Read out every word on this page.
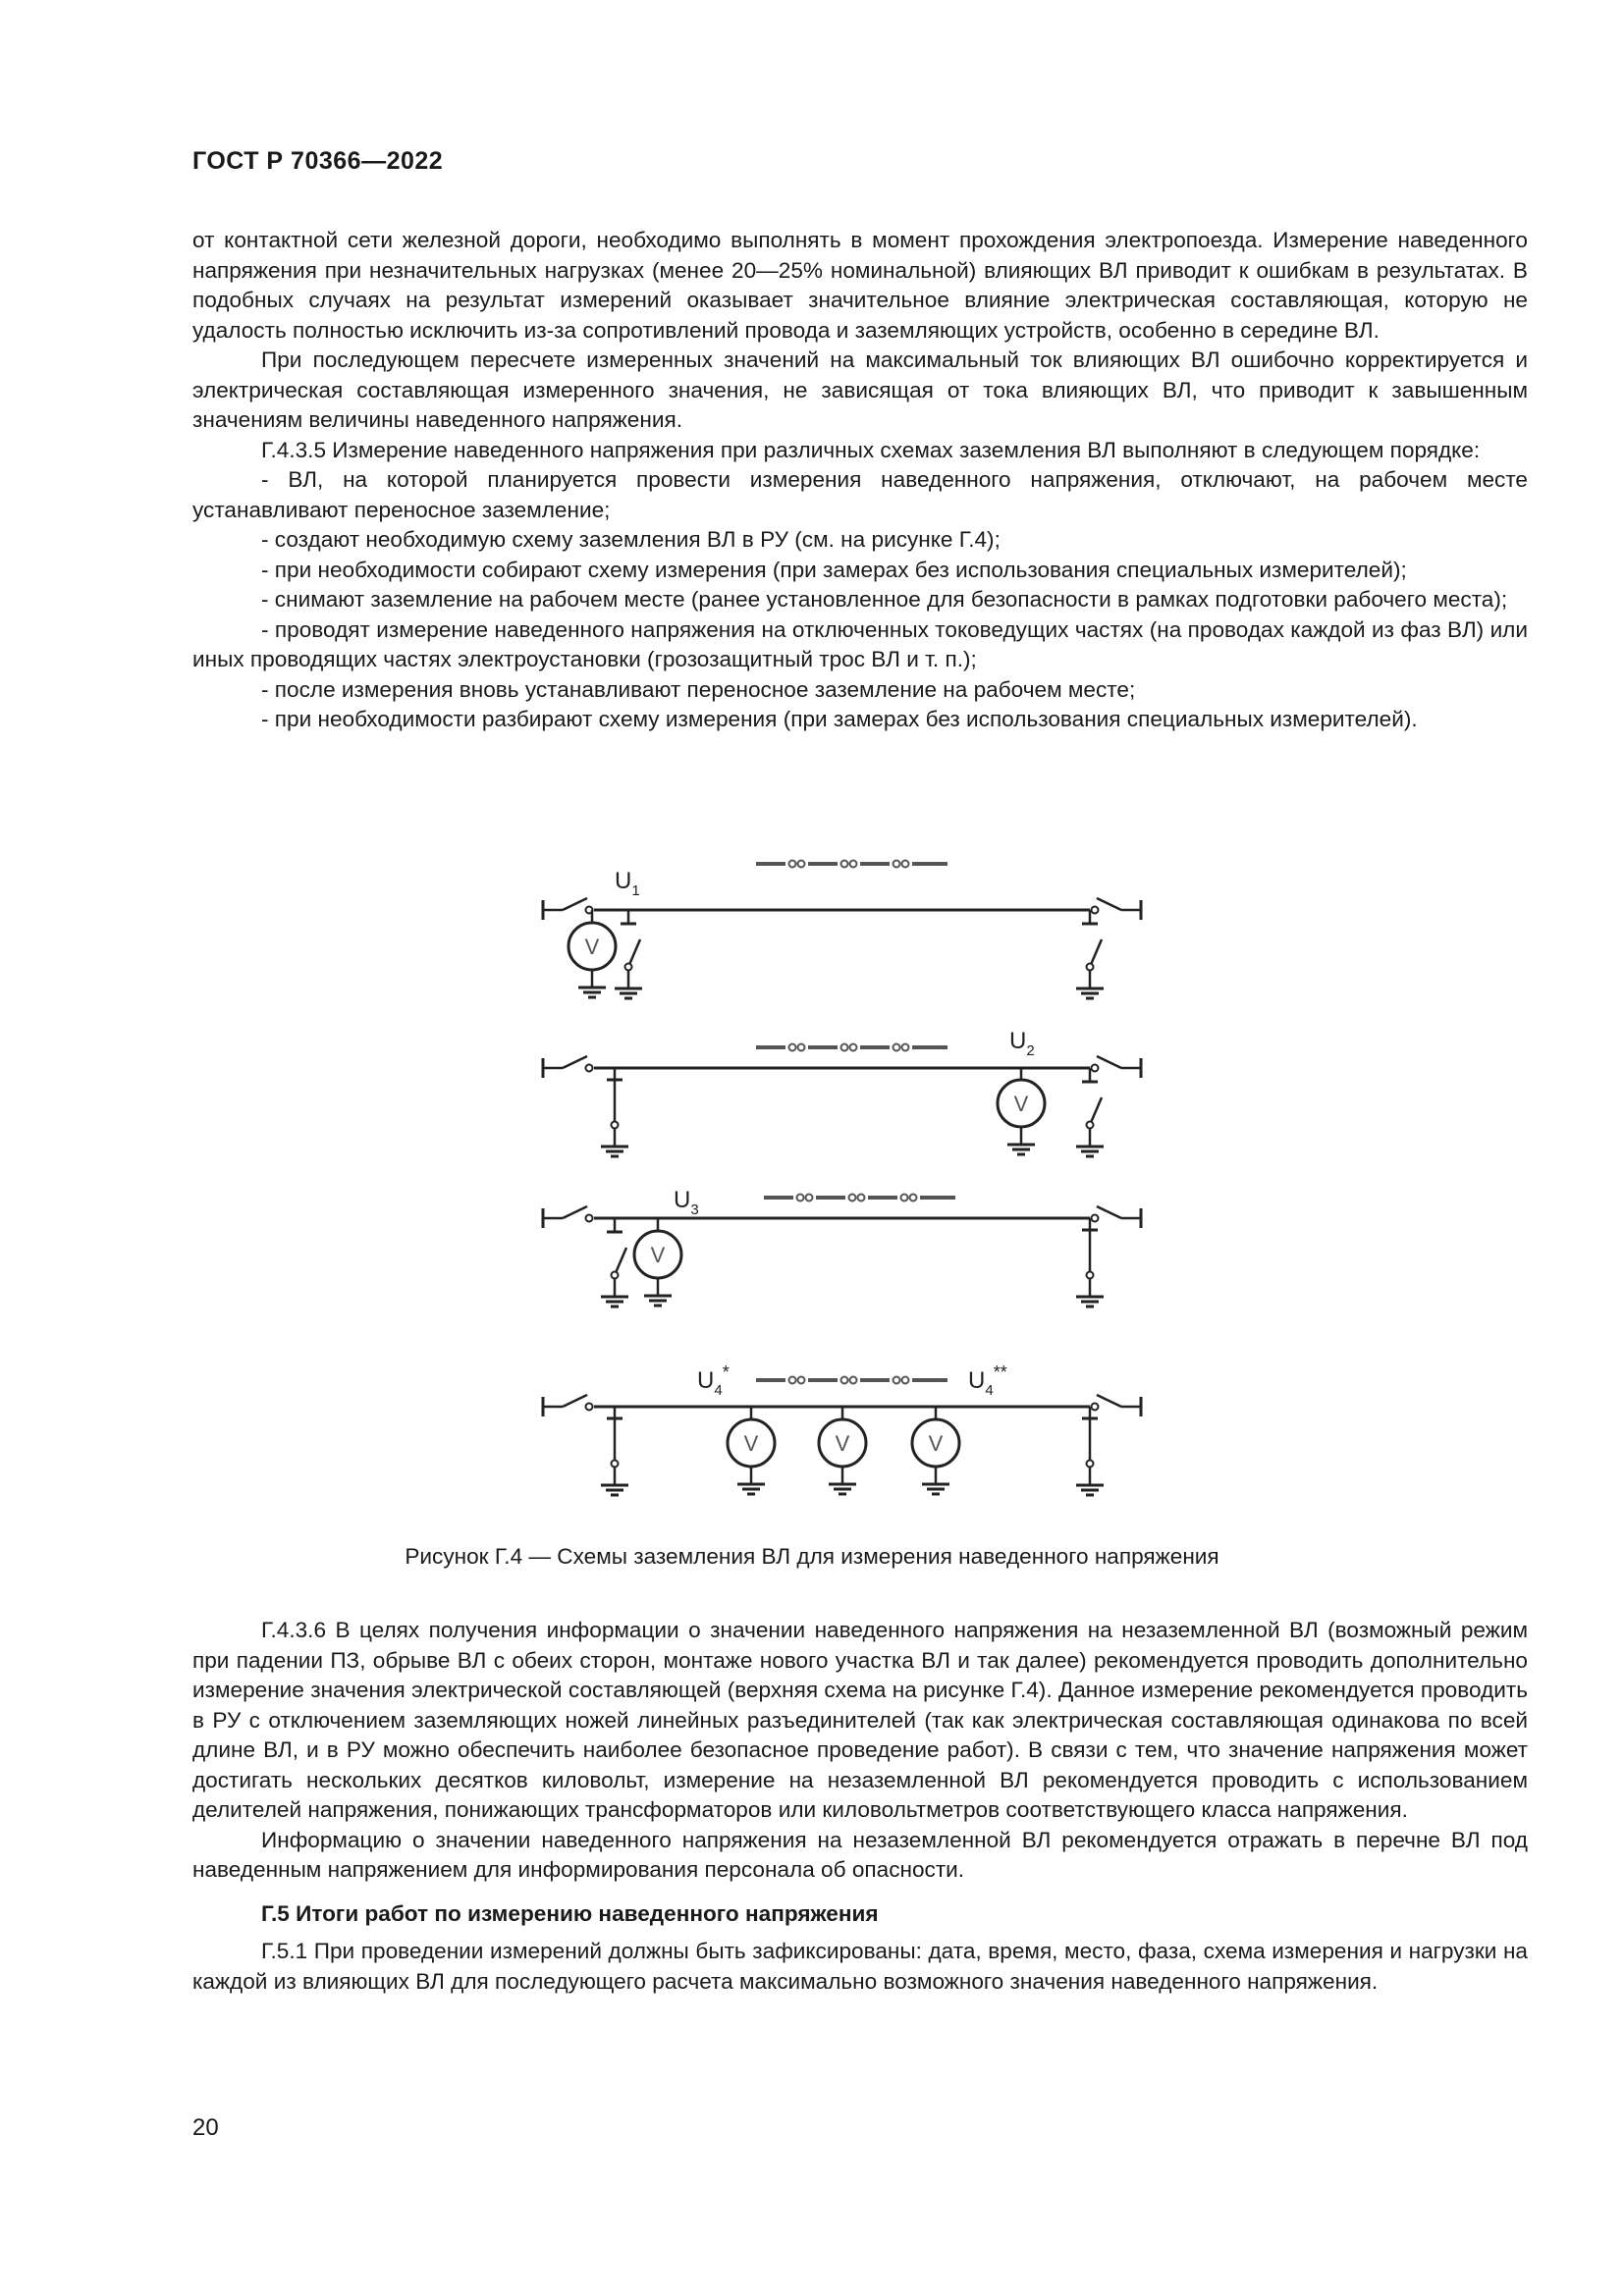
ГОСТ Р 70366—2022

от контактной сети железной дороги, необходимо выполнять в момент прохождения электропоезда. Измерение наведенного напряжения при незначительных нагрузках (менее 20—25% номинальной) влияющих ВЛ приводит к ошибкам в результатах. В подобных случаях на результат измерений оказывает значительное влияние электрическая составляющая, которую не удалость полностью исключить из-за сопротивлений провода и заземляющих устройств, особенно в середине ВЛ.

При последующем пересчете измеренных значений на максимальный ток влияющих ВЛ ошибочно корректируется и электрическая составляющая измеренного значения, не зависящая от тока влияющих ВЛ, что приводит к завышенным значениям величины наведенного напряжения.

Г.4.3.5 Измерение наведенного напряжения при различных схемах заземления ВЛ выполняют в следующем порядке:

- ВЛ, на которой планируется провести измерения наведенного напряжения, отключают, на рабочем месте устанавливают переносное заземление;

- создают необходимую схему заземления ВЛ в РУ (см. на рисунке Г.4);

- при необходимости собирают схему измерения (при замерах без использования специальных измерителей);

- снимают заземление на рабочем месте (ранее установленное для безопасности в рамках подготовки рабочего места);

- проводят измерение наведенного напряжения на отключенных токоведущих частях (на проводах каждой из фаз ВЛ) или иных проводящих частях электроустановки (грозозащитный трос ВЛ и т. п.);

- после измерения вновь устанавливают переносное заземление на рабочем месте;

- при необходимости разбирают схему измерения (при замерах без использования специальных измерителей).

$U_1$
V
$U_2$
V
$U_3$
V
$U_4^*$	$U_4^{**}$
V	V	V
Рисунок Г.4 — Схемы заземления ВЛ для измерения наведенного напряжения

Г.4.3.6 В целях получения информации о значении наведенного напряжения на незаземленной ВЛ (возможный режим при падении ПЗ, обрыве ВЛ с обеих сторон, монтаже нового участка ВЛ и так далее) рекомендуется проводить дополнительно измерение значения электрической составляющей (верхняя схема на рисунке Г.4). Данное измерение рекомендуется проводить в РУ с отключением заземляющих ножей линейных разъединителей (так как электрическая составляющая одинакова по всей длине ВЛ, и в РУ можно обеспечить наиболее безопасное проведение работ). В связи с тем, что значение напряжения может достигать нескольких десятков киловольт, измерение на незаземленной ВЛ рекомендуется проводить с использованием делителей напряжения, понижающих трансформаторов или киловольтметров соответствующего класса напряжения.

Информацию о значении наведенного напряжения на незаземленной ВЛ рекомендуется отражать в перечне ВЛ под наведенным напряжением для информирования персонала об опасности.

Г.5 Итоги работ по измерению наведенного напряжения

Г.5.1 При проведении измерений должны быть зафиксированы: дата, время, место, фаза, схема измерения и нагрузки на каждой из влияющих ВЛ для последующего расчета максимально возможного значения наведенного напряжения.

20
